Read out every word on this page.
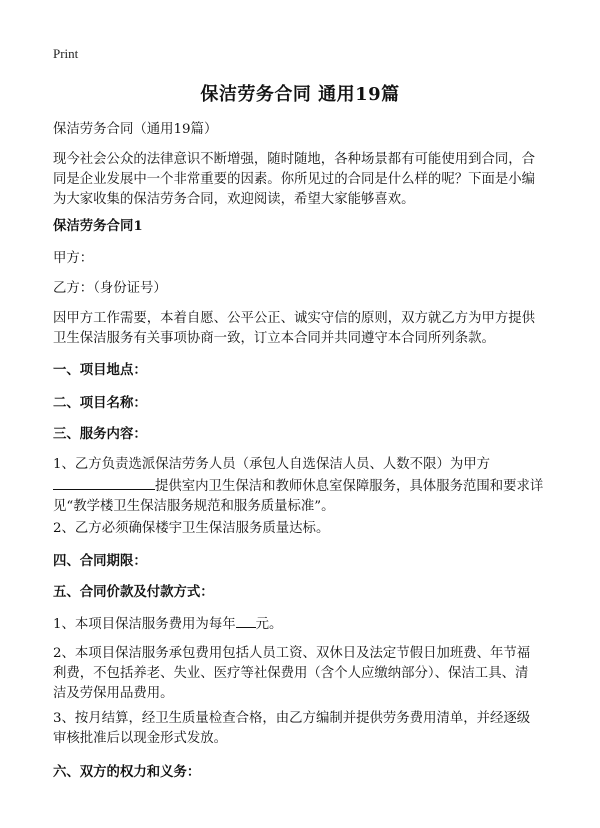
Print
保洁劳务合同 通用19篇
保洁劳务合同（通用19篇）
现今社会公众的法律意识不断增强，随时随地，各种场景都有可能使用到合同，合
同是企业发展中一个非常重要的因素。你所见过的合同是什么样的呢？下面是小编
为大家收集的保洁劳务合同，欢迎阅读，希望大家能够喜欢。
保洁劳务合同1
甲方：
乙方：（身份证号）
因甲方工作需要，本着自愿、公平公正、诚实守信的原则，双方就乙方为甲方提供
卫生保洁服务有关事项协商一致，订立本合同并共同遵守本合同所列条款。
一、项目地点：
二、项目名称：
三、服务内容：
1、乙方负责选派保洁劳务人员（承包人自选保洁人员、人数不限）为甲方
提供室内卫生保洁和教师休息室保障服务，具体服务范围和要求详
见“教学楼卫生保洁服务规范和服务质量标准”。
2、乙方必须确保楼宇卫生保洁服务质量达标。
四、合同期限：
五、合同价款及付款方式：
1、本项目保洁服务费用为每年 元。
2、本项目保洁服务承包费用包括人员工资、双休日及法定节假日加班费、年节福
利费，不包括养老、失业、医疗等社保费用（含个人应缴纳部分）、保洁工具、清
洁及劳保用品费用。
3、按月结算，经卫生质量检查合格，由乙方编制并提供劳务费用清单，并经逐级
审核批准后以现金形式发放。
六、双方的权力和义务：
